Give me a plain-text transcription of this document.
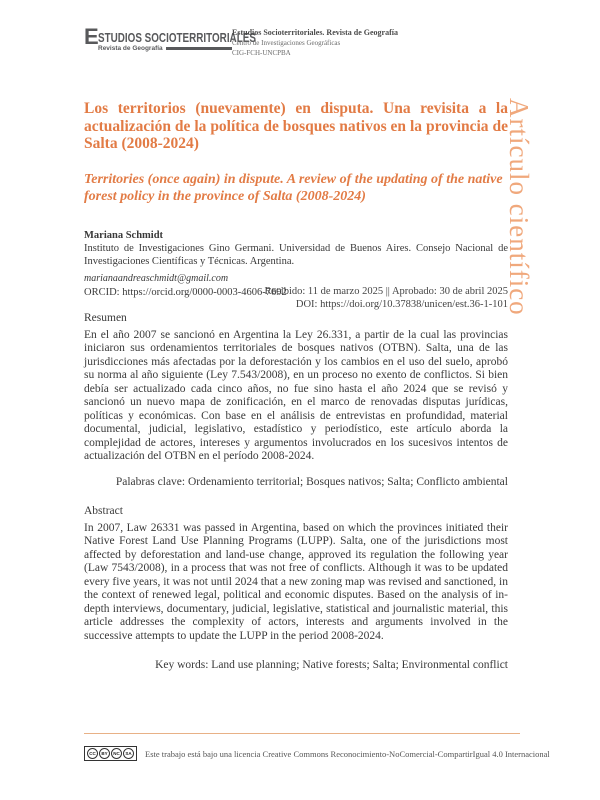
E STUDIOS SOCIOTERRITORIALES
Revista de Geografía
Estudios Socioterritoriales. Revista de Geografía
Centro de Investigaciones Geográficas
CIG-FCH-UNCPBA
Artículo científico
Los territorios (nuevamente) en disputa. Una revisita a la actualización de la política de bosques nativos en la provincia de Salta (2008-2024)
Territories (once again) in dispute. A review of the updating of the native forest policy in the province of Salta (2008-2024)
Mariana Schmidt
Instituto de Investigaciones Gino Germani. Universidad de Buenos Aires. Consejo Nacional de Investigaciones Científicas y Técnicas. Argentina.
marianaandreaschmidt@gmail.com
ORCID: https://orcid.org/0000-0003-4606-7692
Recibido: 11 de marzo 2025 || Aprobado: 30 de abril 2025
DOI: https://doi.org/10.37838/unicen/est.36-1-101
Resumen
En el año 2007 se sancionó en Argentina la Ley 26.331, a partir de la cual las provincias iniciaron sus ordenamientos territoriales de bosques nativos (OTBN). Salta, una de las jurisdicciones más afectadas por la deforestación y los cambios en el uso del suelo, aprobó su norma al año siguiente (Ley 7.543/2008), en un proceso no exento de conflictos. Si bien debía ser actualizado cada cinco años, no fue sino hasta el año 2024 que se revisó y sancionó un nuevo mapa de zonificación, en el marco de renovadas disputas jurídicas, políticas y económicas. Con base en el análisis de entrevistas en profundidad, material documental, judicial, legislativo, estadístico y periodístico, este artículo aborda la complejidad de actores, intereses y argumentos involucrados en los sucesivos intentos de actualización del OTBN en el período 2008-2024.
Palabras clave: Ordenamiento territorial; Bosques nativos; Salta; Conflicto ambiental
Abstract
In 2007, Law 26331 was passed in Argentina, based on which the provinces initiated their Native Forest Land Use Planning Programs (LUPP). Salta, one of the jurisdictions most affected by deforestation and land-use change, approved its regulation the following year (Law 7543/2008), in a process that was not free of conflicts. Although it was to be updated every five years, it was not until 2024 that a new zoning map was revised and sanctioned, in the context of renewed legal, political and economic disputes. Based on the analysis of in-depth interviews, documentary, judicial, legislative, statistical and journalistic material, this article addresses the complexity of actors, interests and arguments involved in the successive attempts to update the LUPP in the period 2008-2024.
Key words: Land use planning; Native forests; Salta; Environmental conflict
CC	BY	NC	SA Este trabajo está bajo una licencia Creative Commons Reconocimiento-NoComercial-CompartirIgual 4.0 Internacional
